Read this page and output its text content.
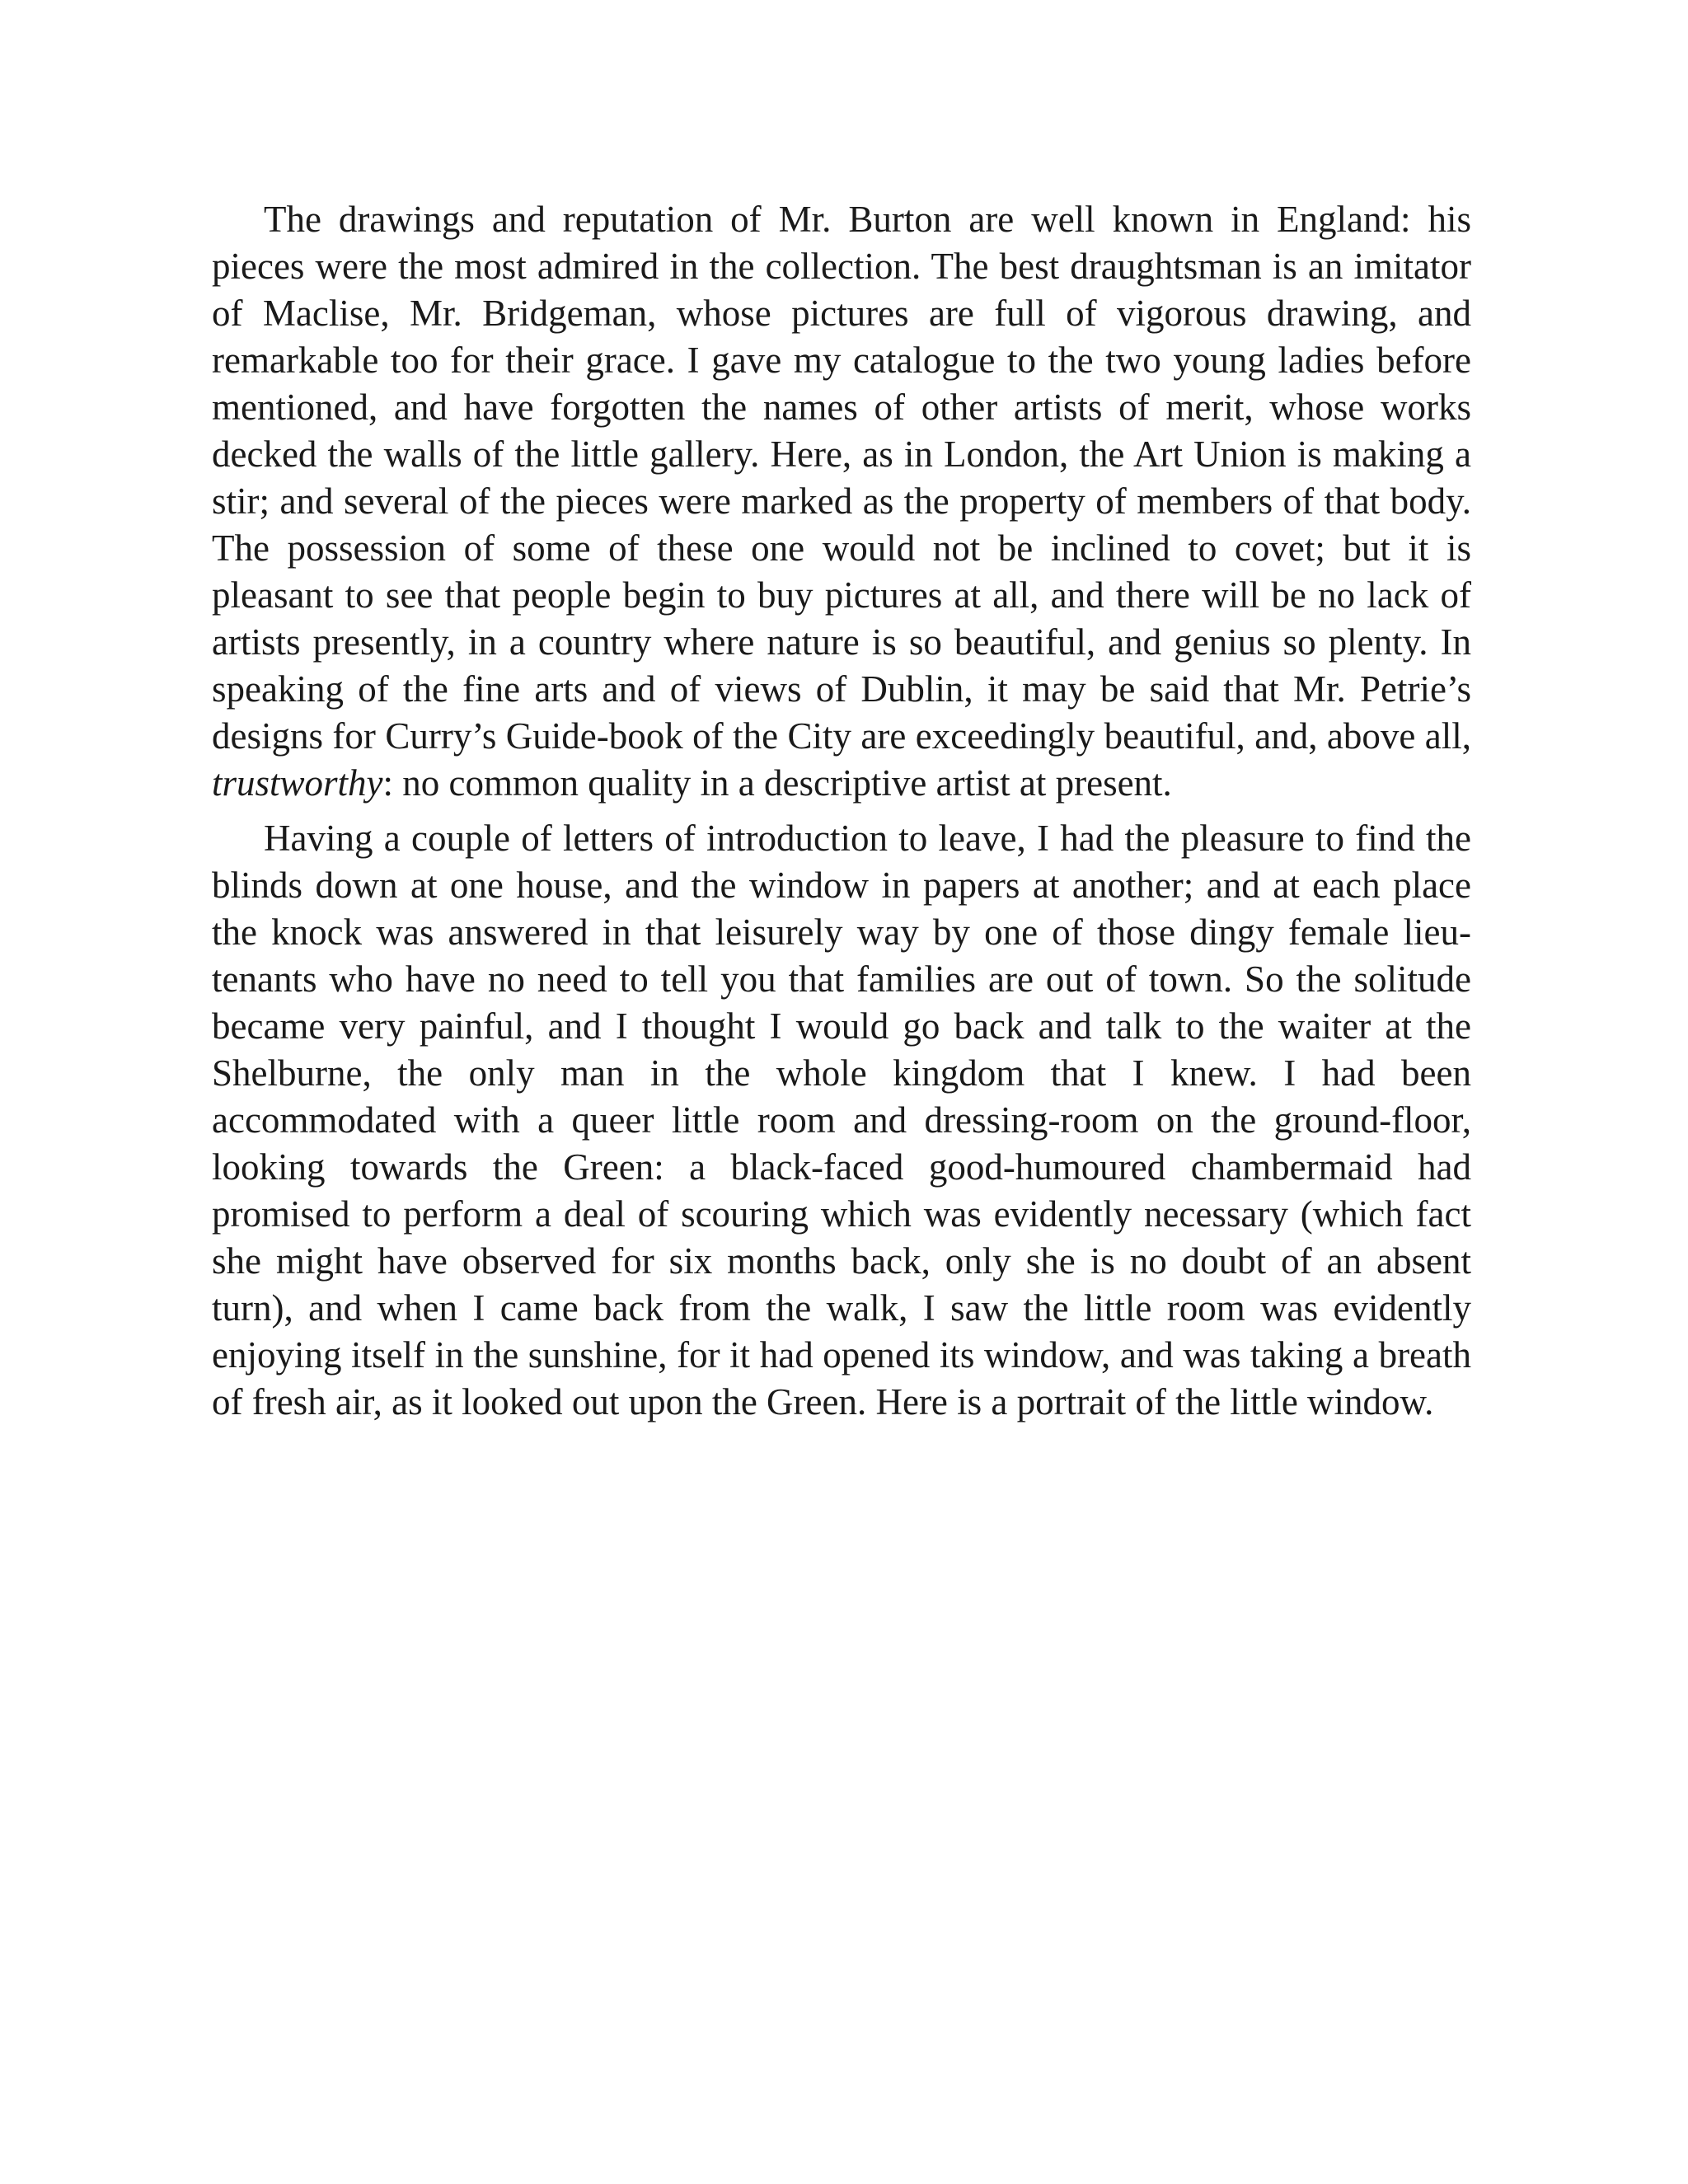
The drawings and reputation of Mr. Burton are well known in England: his pieces were the most admired in the collection. The best draughtsman is an imitator of Maclise, Mr. Bridgeman, whose pictures are full of vigorous drawing, and remarkable too for their grace. I gave my catalogue to the two young ladies before mentioned, and have forgotten the names of other artists of merit, whose works decked the walls of the little gallery. Here, as in London, the Art Union is making a stir; and several of the pieces were marked as the property of members of that body. The possession of some of these one would not be inclined to covet; but it is pleasant to see that people begin to buy pictures at all, and there will be no lack of artists presently, in a country where nature is so beautiful, and genius so plenty. In speaking of the fine arts and of views of Dublin, it may be said that Mr. Petrie’s designs for Curry’s Guide-book of the City are exceedingly beautiful, and, above all, trustworthy: no common quality in a descriptive artist at present.

Having a couple of letters of introduction to leave, I had the pleasure to find the blinds down at one house, and the window in papers at another; and at each place the knock was answered in that leisurely way by one of those dingy female lieu-tenants who have no need to tell you that families are out of town. So the solitude became very painful, and I thought I would go back and talk to the waiter at the Shelburne, the only man in the whole kingdom that I knew. I had been accommodated with a queer little room and dressing-room on the ground-floor, looking towards the Green: a black-faced good-humoured chambermaid had promised to perform a deal of scouring which was evidently necessary (which fact she might have observed for six months back, only she is no doubt of an absent turn), and when I came back from the walk, I saw the little room was evidently enjoying itself in the sunshine, for it had opened its window, and was taking a breath of fresh air, as it looked out upon the Green. Here is a portrait of the little window.
